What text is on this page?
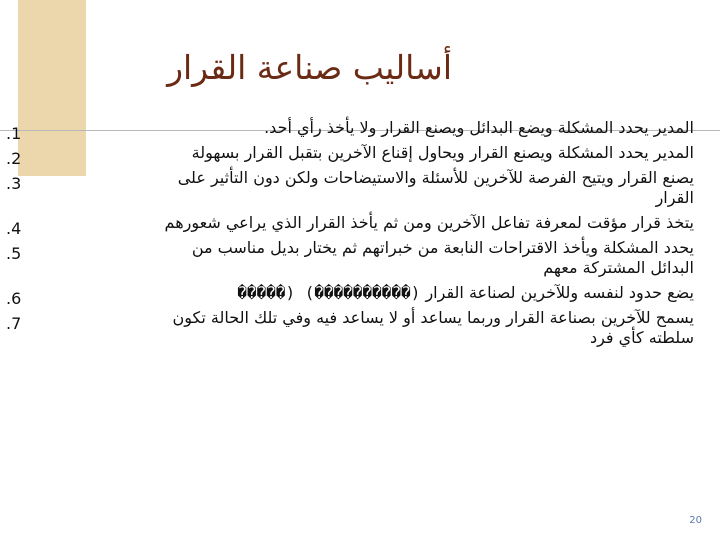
أساليب صناعة القرار
.1	المدير يحدد المشكلة ويضع البدائل ويصنع القرار ولا يأخذ رأي أحد.
.2	المدير يحدد المشكلة ويصنع القرار ويحاول إقناع الآخرين بتقبل القرار بسهولة
.3	يصنع القرار ويتيح الفرصة للآخرين للأسئلة والاستيضاحات ولكن دون التأثير على القرار
.4	يتخذ قرار مؤقت لمعرفة تفاعل الآخرين ومن ثم يأخذ القرار الذي يراعي شعورهم
.5	يحدد المشكلة ويأخذ الاقتراحات النابعة من خبراتهم ثم يختار بديل مناسب من البدائل المشتركة معهم
.6	يضع حدود لنفسه وللآخرين لصناعة القرار (����������) (�����
.7	يسمح للآخرين بصناعة القرار وربما يساعد أو لا يساعد فيه وفي تلك الحالة تكون سلطته كأي فرد
20
